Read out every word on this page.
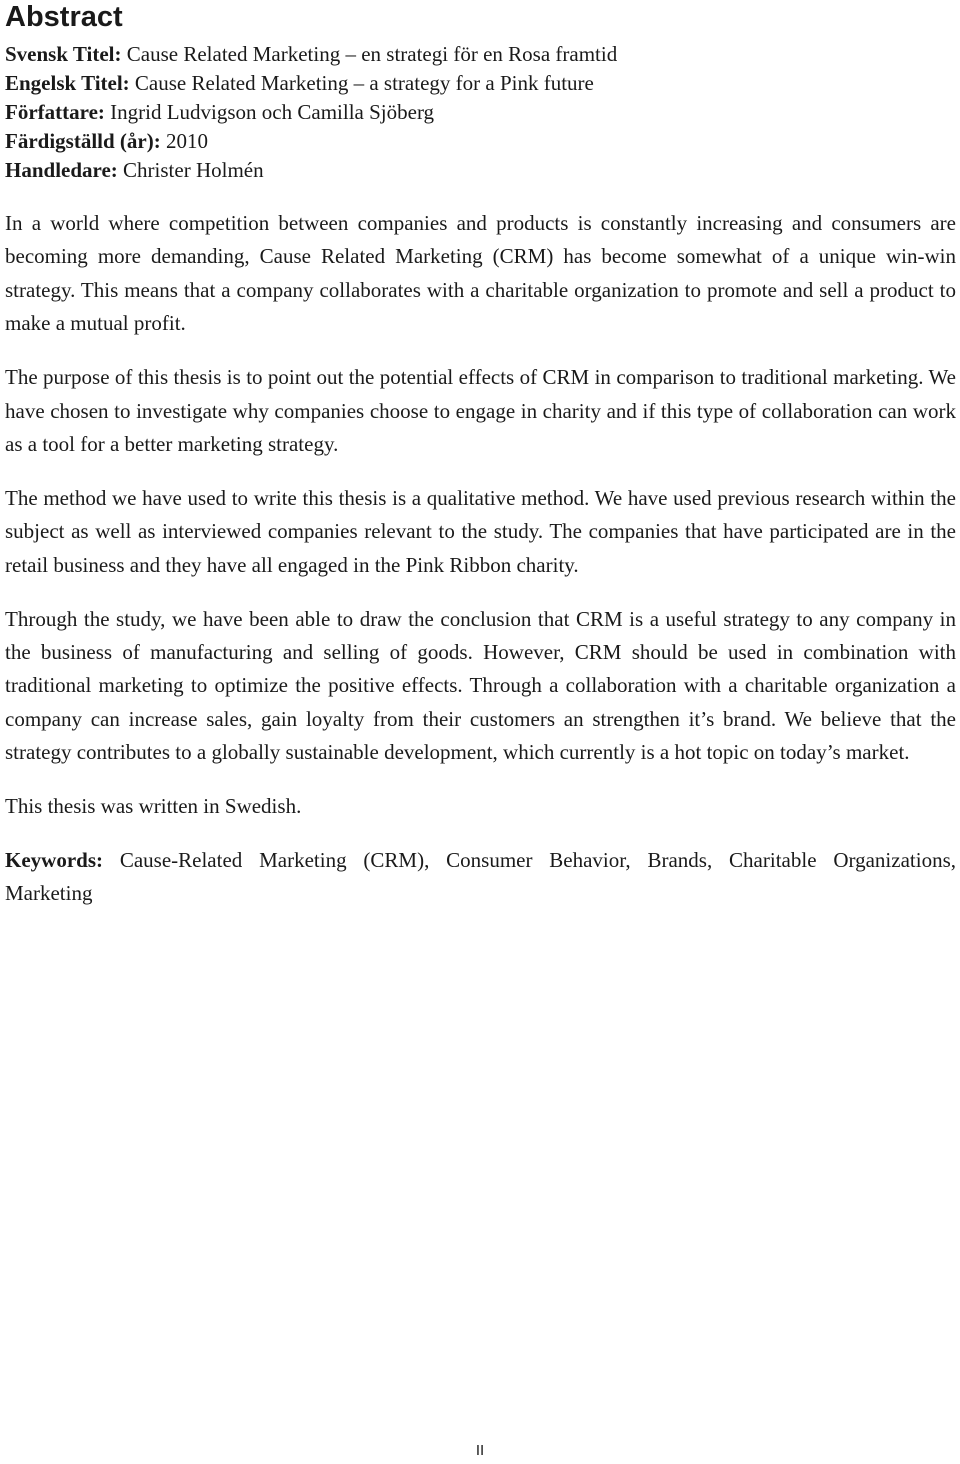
Abstract
Svensk Titel: Cause Related Marketing – en strategi för en Rosa framtid
Engelsk Titel: Cause Related Marketing – a strategy for a Pink future
Författare: Ingrid Ludvigson och Camilla Sjöberg
Färdigställd (år): 2010
Handledare: Christer Holmén

In a world where competition between companies and products is constantly increasing and consumers are becoming more demanding, Cause Related Marketing (CRM) has become somewhat of a unique win-win strategy. This means that a company collaborates with a charitable organization to promote and sell a product to make a mutual profit.

The purpose of this thesis is to point out the potential effects of CRM in comparison to traditional marketing. We have chosen to investigate why companies choose to engage in charity and if this type of collaboration can work as a tool for a better marketing strategy.

The method we have used to write this thesis is a qualitative method. We have used previous research within the subject as well as interviewed companies relevant to the study. The companies that have participated are in the retail business and they have all engaged in the Pink Ribbon charity.

Through the study, we have been able to draw the conclusion that CRM is a useful strategy to any company in the business of manufacturing and selling of goods. However, CRM should be used in combination with traditional marketing to optimize the positive effects. Through a collaboration with a charitable organization a company can increase sales, gain loyalty from their customers an strengthen it’s brand. We believe that the strategy contributes to a globally sustainable development, which currently is a hot topic on today’s market.

This thesis was written in Swedish.

Keywords: Cause-Related Marketing (CRM), Consumer Behavior, Brands, Charitable Organizations, Marketing

II
